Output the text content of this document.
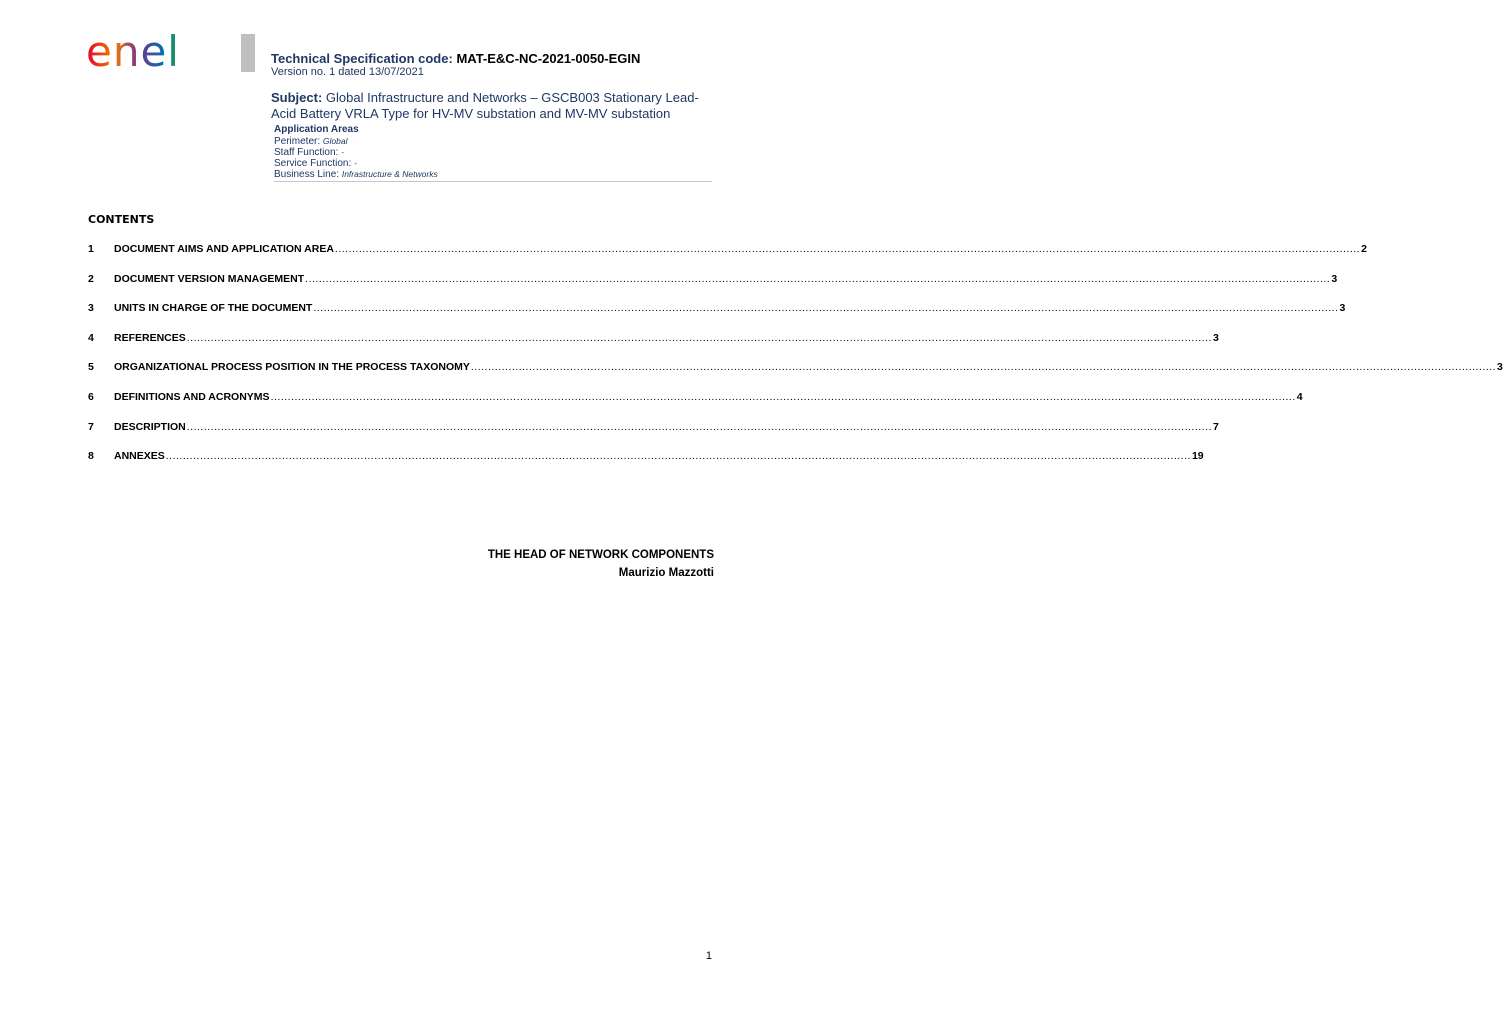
enel	Technical Specification code: MAT-E&C-NC-2021-0050-EGIN
Version no. 1 dated 13/07/2021
Subject: Global Infrastructure and Networks – GSCB003 Stationary Lead-Acid Battery VRLA Type for HV-MV substation and MV-MV substation
Application Areas
Perimeter: Global
Staff Function: -
Service Function: -
Business Line: Infrastructure & Networks
CONTENTS
1	DOCUMENT AIMS AND APPLICATION AREA ............................................................................................................................................................................................................................................................................................................ 2
2	DOCUMENT VERSION MANAGEMENT ............................................................................................................................................................................................................................................................................................................ 3
3	UNITS IN CHARGE OF THE DOCUMENT ............................................................................................................................................................................................................................................................................................................ 3
4	REFERENCES ............................................................................................................................................................................................................................................................................................................ 3
5	ORGANIZATIONAL PROCESS POSITION IN THE PROCESS TAXONOMY ............................................................................................................................................................................................................................................................................................................ 3
6	DEFINITIONS AND ACRONYMS ............................................................................................................................................................................................................................................................................................................ 4
7	DESCRIPTION ............................................................................................................................................................................................................................................................................................................ 7
8	ANNEXES ............................................................................................................................................................................................................................................................................................................ 19
THE HEAD OF NETWORK COMPONENTS
Maurizio Mazzotti
1
